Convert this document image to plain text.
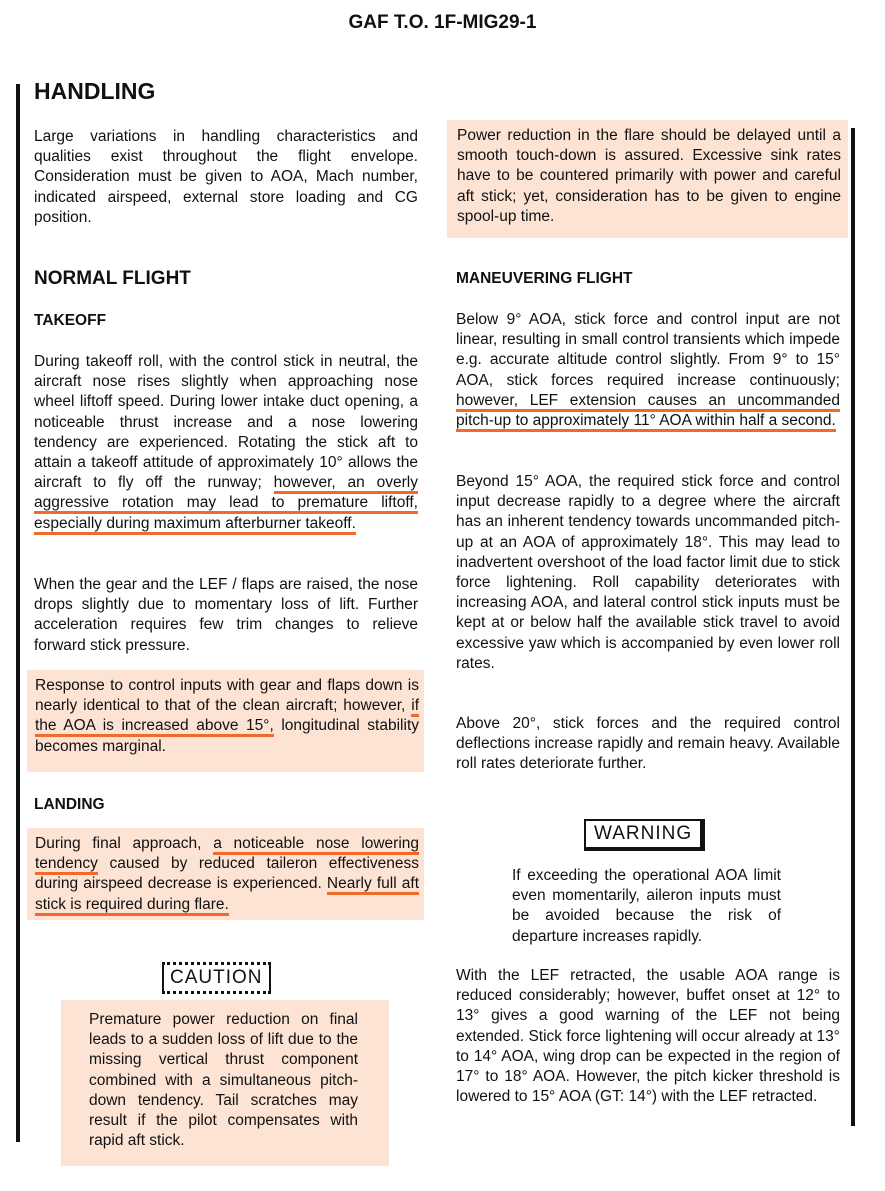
GAF T.O. 1F-MIG29-1
HANDLING

Large variations in handling characteristics and qualities exist throughout the flight envelope. Consideration must be given to AOA, Mach number, indicated airspeed, external store loading and CG position.

NORMAL FLIGHT
TAKEOFF

During takeoff roll, with the control stick in neutral, the aircraft nose rises slightly when approaching nose wheel liftoff speed. During lower intake duct opening, a noticeable thrust increase and a nose lowering tendency are experienced. Rotating the stick aft to attain a takeoff attitude of approximately 10° allows the aircraft to fly off the runway; however, an overly aggressive rotation may lead to premature liftoff, especially during maximum afterburner takeoff.

When the gear and the LEF / flaps are raised, the nose drops slightly due to momentary loss of lift. Further acceleration requires few trim changes to relieve forward stick pressure.

Response to control inputs with gear and flaps down is nearly identical to that of the clean aircraft; however, if the AOA is increased above 15°, longitudinal stability becomes marginal.

LANDING

During final approach, a noticeable nose lowering tendency caused by reduced taileron effectiveness during airspeed decrease is experienced. Nearly full aft stick is required during flare.

CAUTION

Premature power reduction on final leads to a sudden loss of lift due to the missing vertical thrust component combined with a simultaneous pitch-down tendency. Tail scratches may result if the pilot compensates with rapid aft stick.

Power reduction in the flare should be delayed until a smooth touch-down is assured. Excessive sink rates have to be countered primarily with power and careful aft stick; yet, consideration has to be given to engine spool-up time.

MANEUVERING FLIGHT

Below 9° AOA, stick force and control input are not linear, resulting in small control transients which impede e.g. accurate altitude control slightly. From 9° to 15° AOA, stick forces required increase continuously; however, LEF extension causes an uncommanded pitch-up to approximately 11° AOA within half a second.

Beyond 15° AOA, the required stick force and control input decrease rapidly to a degree where the aircraft has an inherent tendency towards uncommanded pitch-up at an AOA of approximately 18°. This may lead to inadvertent overshoot of the load factor limit due to stick force lightening. Roll capability deteriorates with increasing AOA, and lateral control stick inputs must be kept at or below half the available stick travel to avoid excessive yaw which is accompanied by even lower roll rates.

Above 20°, stick forces and the required control deflections increase rapidly and remain heavy. Available roll rates deteriorate further.

WARNING

If exceeding the operational AOA limit even momentarily, aileron inputs must be avoided because the risk of departure increases rapidly.

With the LEF retracted, the usable AOA range is reduced considerably; however, buffet onset at 12° to 13° gives a good warning of the LEF not being extended. Stick force lightening will occur already at 13° to 14° AOA, wing drop can be expected in the region of 17° to 18° AOA. However, the pitch kicker threshold is lowered to 15° AOA (GT: 14°) with the LEF retracted.
